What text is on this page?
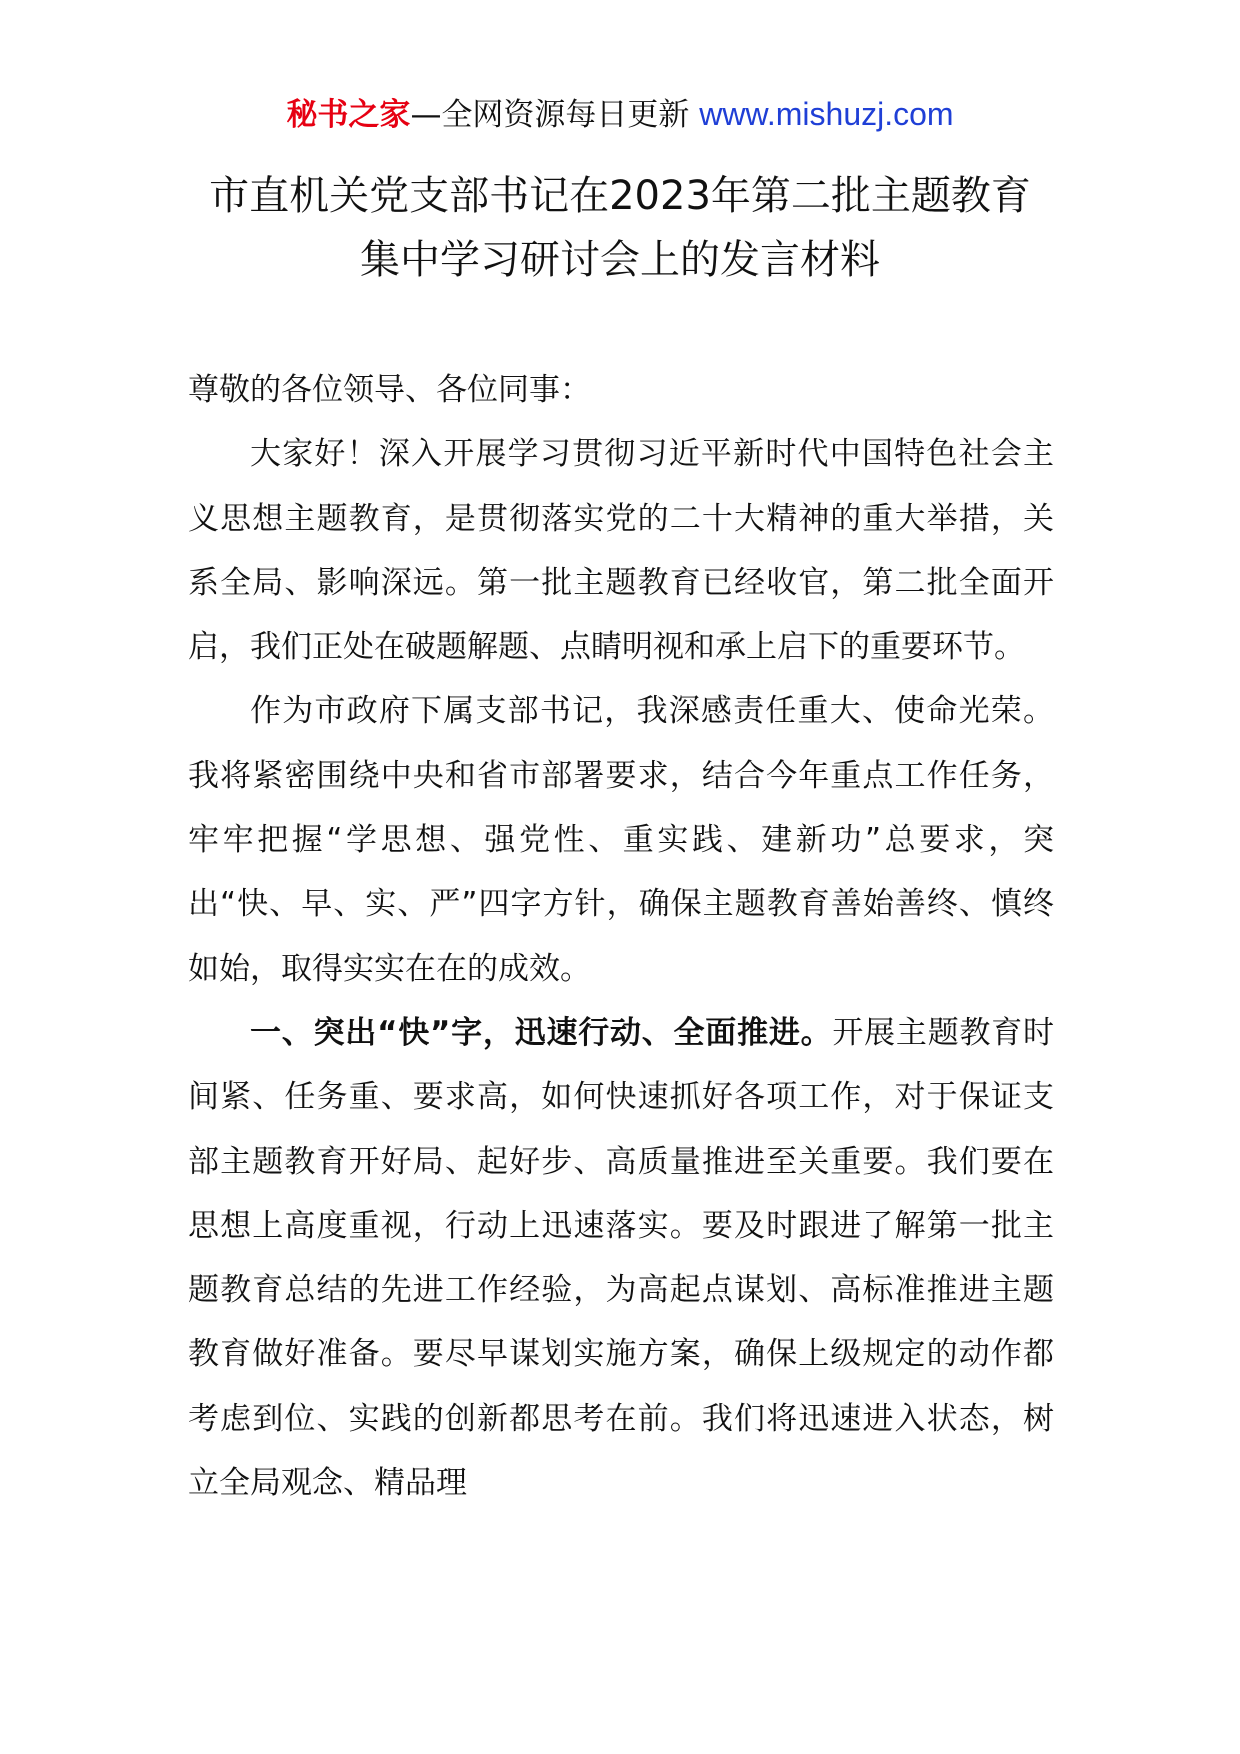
秘书之家—全网资源每日更新 www.mishuzj.com
市直机关党支部书记在2023年第二批主题教育
集中学习研讨会上的发言材料

尊敬的各位领导、各位同事：

大家好！深入开展学习贯彻习近平新时代中国特色社会主义思想主题教育，是贯彻落实党的二十大精神的重大举措，关系全局、影响深远。第一批主题教育已经收官，第二批全面开启，我们正处在破题解题、点睛明视和承上启下的重要环节。

作为市政府下属支部书记，我深感责任重大、使命光荣。我将紧密围绕中央和省市部署要求，结合今年重点工作任务，牢牢把握“学思想、强党性、重实践、建新功”总要求，突出“快、早、实、严”四字方针，确保主题教育善始善终、慎终如始，取得实实在在的成效。

一、突出“快”字，迅速行动、全面推进。开展主题教育时间紧、任务重、要求高，如何快速抓好各项工作，对于保证支部主题教育开好局、起好步、高质量推进至关重要。我们要在思想上高度重视，行动上迅速落实。要及时跟进了解第一批主题教育总结的先进工作经验，为高起点谋划、高标准推进主题教育做好准备。要尽早谋划实施方案，确保上级规定的动作都考虑到位、实践的创新都思考在前。我们将迅速进入状态，树立全局观念、精品理
